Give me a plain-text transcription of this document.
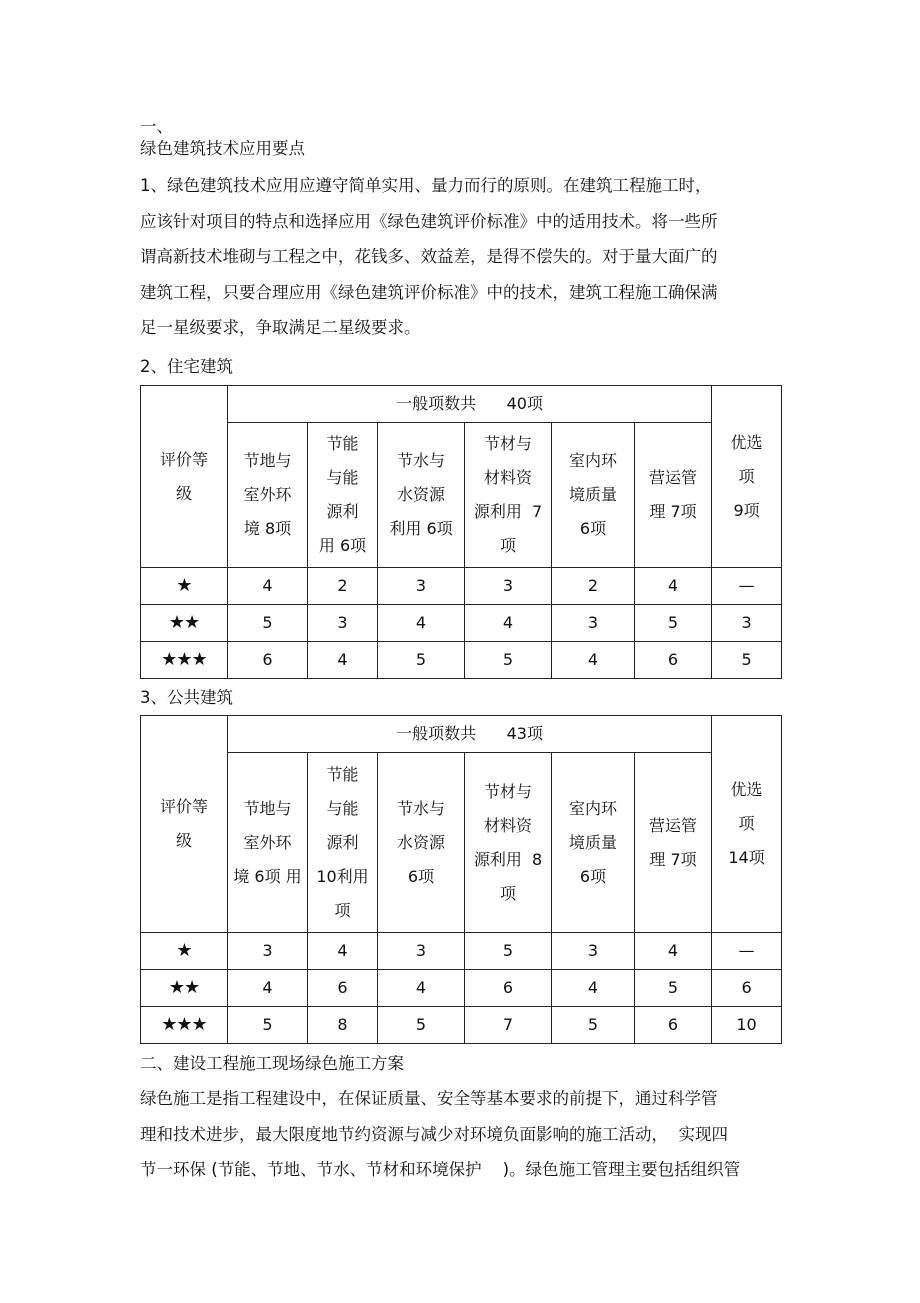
一、
绿色建筑技术应用要点
1、绿色建筑技术应用应遵守简单实用、量力而行的原则。在建筑工程施工时，
应该针对项目的特点和选择应用《绿色建筑评价标准》中的适用技术。将一些所
谓高新技术堆砌与工程之中，花钱多、效益差，是得不偿失的。对于量大面广的
建筑工程，只要合理应用《绿色建筑评价标准》中的技术，建筑工程施工确保满
足一星级要求，争取满足二星级要求。
2、住宅建筑
评价等
级	一般项数共      40项						优选
项
9项

	节地与
室外环
境 8项	节能
与能
源利
用 6项	节水与
水资源
利用 6项	节材与
材料资
源利用  7
项	室内环
境质量
6项	营运管
理 7项	

★	4	2	3	3	2	4	—
★★	5	3	4	4	3	5	3
★★★	6	4	5	5	4	6	5
3、公共建筑
评价等
级	一般项数共      43项						优选
项
14项

	节地与
室外环
境 6项 用	节能
与能
源利
10利用
项	节水与
水资源
6项	节材与
材料资
源利用  8
项	室内环
境质量
6项	营运管
理 7项	

★	3	4	3	5	3	4	—
★★	4	6	4	6	4	5	6
★★★	5	8	5	7	5	6	10
二、建设工程施工现场绿色施工方案
绿色施工是指工程建设中，在保证质量、安全等基本要求的前提下，通过科学管
理和技术进步，最大限度地节约资源与减少对环境负面影响的施工活动，  实现四
节一环保 (节能、节地、节水、节材和环境保护    )。绿色施工管理主要包括组织管
